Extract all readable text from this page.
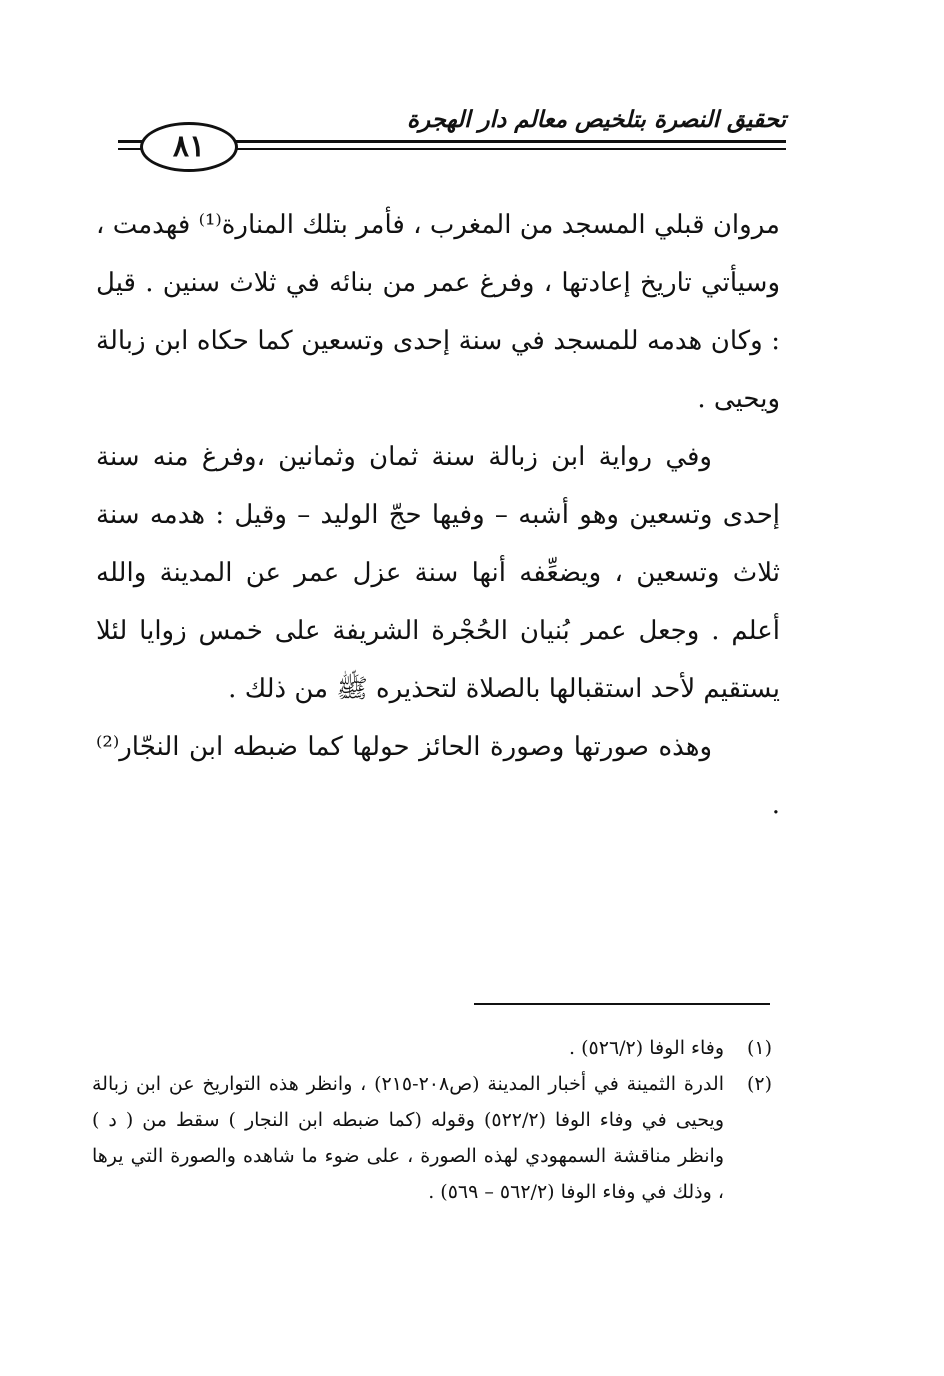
تحقيق النصرة بتلخيص معالم دار الهجرة
٨١

مروان قبلي المسجد من المغرب ، فأمر بتلك المنارة⁽¹⁾ فهدمت ، وسيأتي تاريخ إعادتها ، وفرغ عمر من بنائه في ثلاث سنين . قيل : وكان هدمه للمسجد في سنة إحدى وتسعين كما حكاه ابن زبالة ويحيى .

وفي رواية ابن زبالة سنة ثمان وثمانين ،وفرغ منه سنة إحدى وتسعين وهو أشبه – وفيها حجّ الوليد – وقيل : هدمه سنة ثلاث وتسعين ، ويضعِّفه أنها سنة عزل عمر عن المدينة والله أعلم . وجعل عمر بُنيان الحُجْرة الشريفة على خمس زوايا لئلا يستقيم لأحد استقبالها بالصلاة لتحذيره ﷺ من ذلك .

وهذه صورتها وصورة الحائز حولها كما ضبطه ابن النجّار⁽²⁾ .

(١)
وفاء الوفا (٥٢٦/٢) .

(٢)
الدرة الثمينة في أخبار المدينة (ص٢٠٨-٢١٥) ، وانظر هذه التواريخ عن ابن زبالة ويحيى في وفاء الوفا (٥٢٢/٢) وقوله (كما ضبطه ابن النجار ) سقط من ( د ) وانظر مناقشة السمهودي لهذه الصورة ، على ضوء ما شاهده والصورة التي يرها ، وذلك في وفاء الوفا (٥٦٢/٢ – ٥٦٩) .
